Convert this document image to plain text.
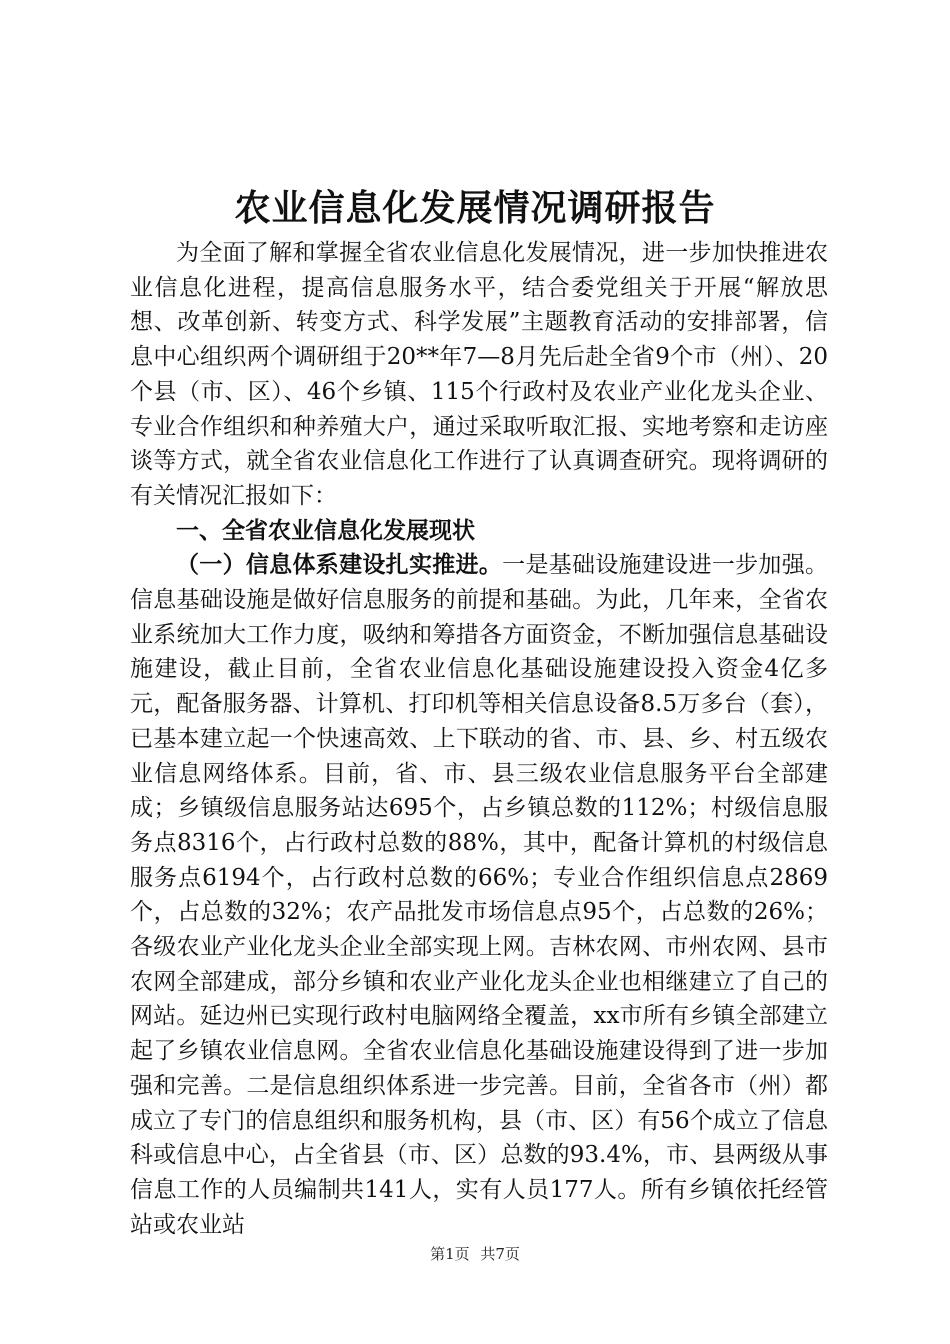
农业信息化发展情况调研报告

为全面了解和掌握全省农业信息化发展情况，进一步加快推进农业信息化进程，提高信息服务水平，结合委党组关于开展“解放思想、改革创新、转变方式、科学发展”主题教育活动的安排部署，信息中心组织两个调研组于20**年7—8月先后赴全省9个市（州）、20个县（市、区）、46个乡镇、115个行政村及农业产业化龙头企业、专业合作组织和种养殖大户，通过采取听取汇报、实地考察和走访座谈等方式，就全省农业信息化工作进行了认真调查研究。现将调研的有关情况汇报如下：

一、全省农业信息化发展现状

（一）信息体系建设扎实推进。一是基础设施建设进一步加强。信息基础设施是做好信息服务的前提和基础。为此，几年来，全省农业系统加大工作力度，吸纳和筹措各方面资金，不断加强信息基础设施建设，截止目前，全省农业信息化基础设施建设投入资金4亿多元，配备服务器、计算机、打印机等相关信息设备8.5万多台（套），已基本建立起一个快速高效、上下联动的省、市、县、乡、村五级农业信息网络体系。目前，省、市、县三级农业信息服务平台全部建成；乡镇级信息服务站达695个，占乡镇总数的112%；村级信息服务点8316个，占行政村总数的88%，其中，配备计算机的村级信息服务点6194个，占行政村总数的66%；专业合作组织信息点2869个，占总数的32%；农产品批发市场信息点95个，占总数的26%；各级农业产业化龙头企业全部实现上网。吉林农网、市州农网、县市农网全部建成，部分乡镇和农业产业化龙头企业也相继建立了自己的网站。延边州已实现行政村电脑网络全覆盖，xx市所有乡镇全部建立起了乡镇农业信息网。全省农业信息化基础设施建设得到了进一步加强和完善。二是信息组织体系进一步完善。目前，全省各市（州）都成立了专门的信息组织和服务机构，县（市、区）有56个成立了信息科或信息中心，占全省县（市、区）总数的93.4%，市、县两级从事信息工作的人员编制共141人，实有人员177人。所有乡镇依托经管站或农业站

第1页 共7页
